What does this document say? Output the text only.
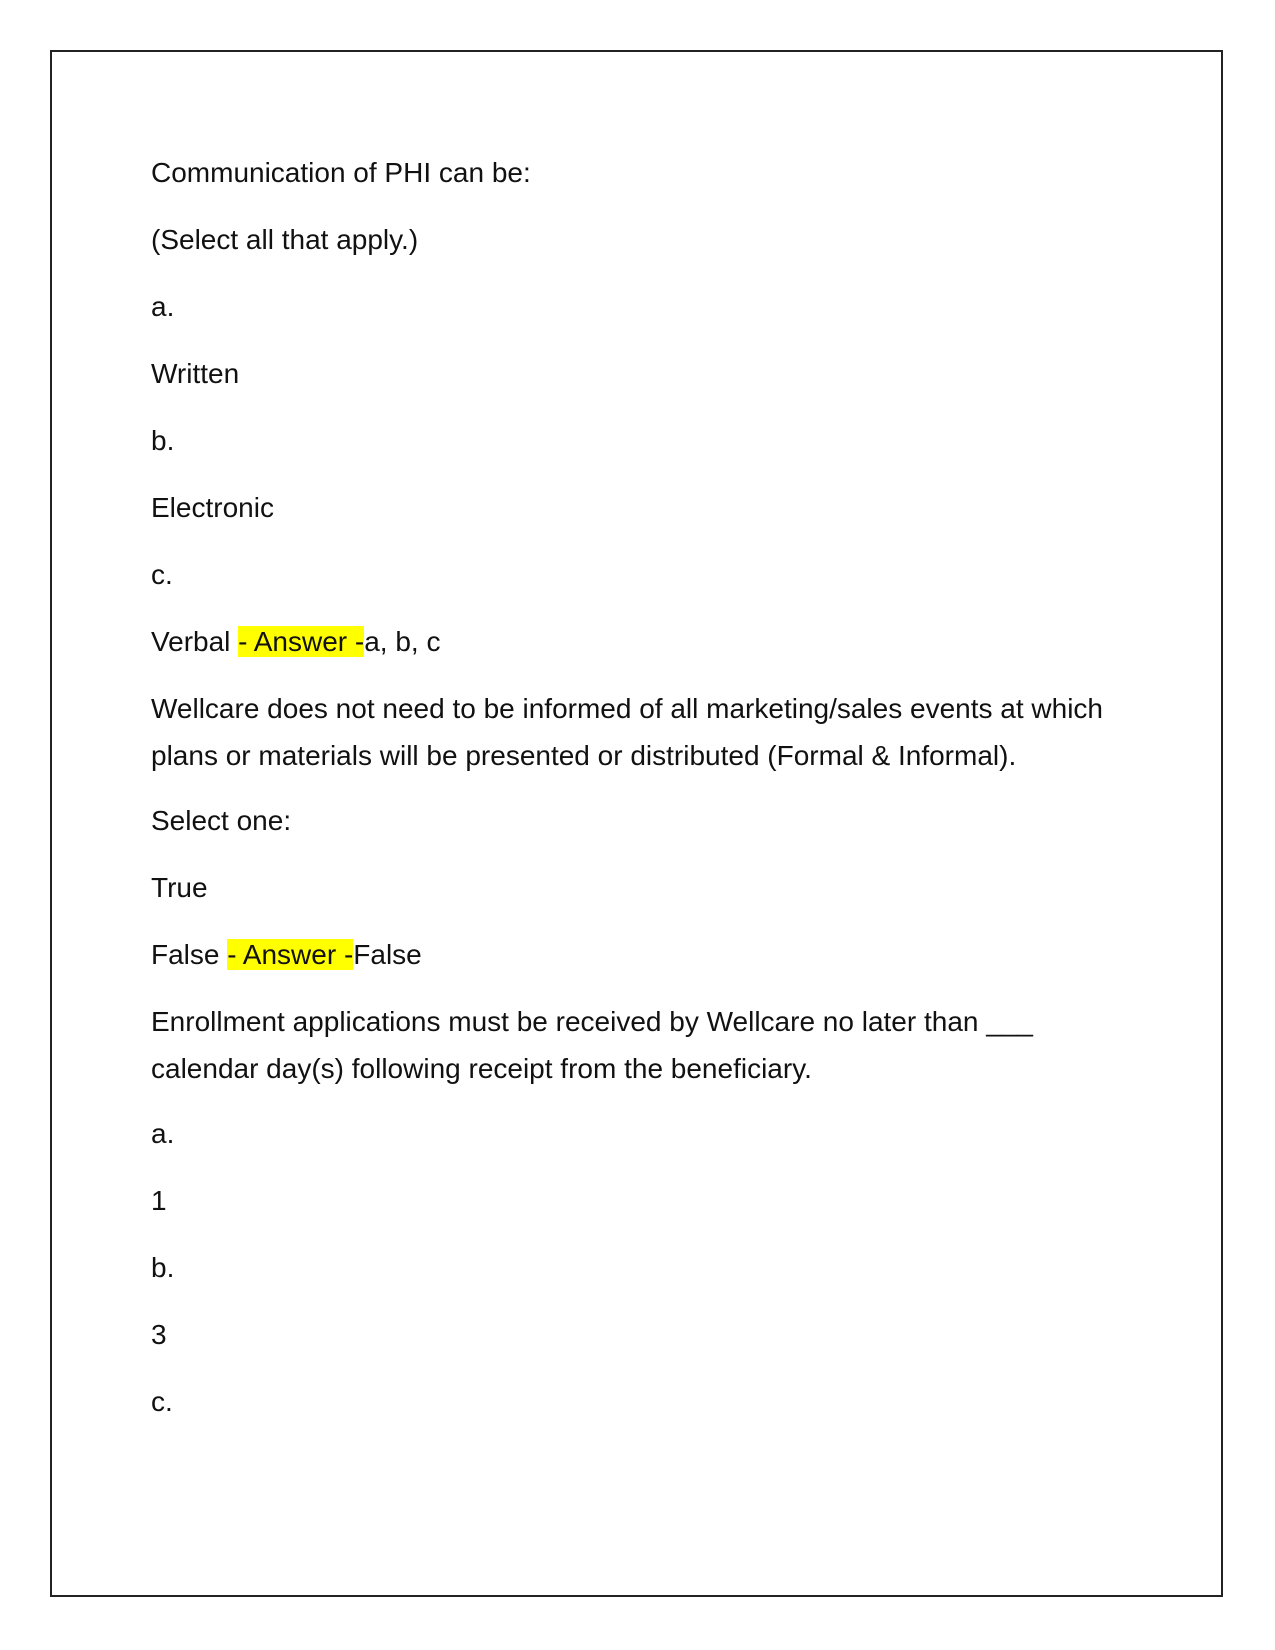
Communication of PHI can be:

(Select all that apply.)

a.

Written

b.

Electronic

c.

Verbal - Answer -a, b, c

Wellcare does not need to be informed of all marketing/sales events at which plans or materials will be presented or distributed (Formal & Informal).

Select one:

True

False - Answer -False

Enrollment applications must be received by Wellcare no later than ___ calendar day(s) following receipt from the beneficiary.

a.

1

b.

3

c.
